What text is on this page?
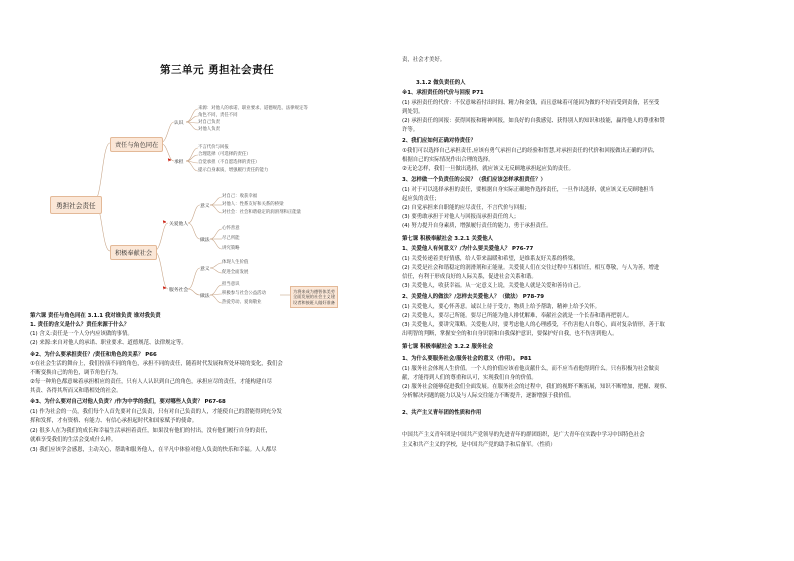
第三单元 勇担社会责任
勇担社会责任
责任与角色同在
积极奉献社会
认识
来源：对他人的承诺、职业要求、道德规范、法律规定等
角色不同，责任不同
对自己负责
对他人负责
⚑ 承担
不言代价与回报
合理选择（可选择的责任）
自觉承担（不自愿选择的责任）
提示自身素质，增强履行责任的能力
⚑ 关爱他人
意义
对自己：收获幸福
对他人：性系友好和关系的桥梁
对社会：社会和谐稳定的润滑剂和正能量
做法
心怀善意
尽己所能
讲究策略
⚑ 服务社会
意义
体现人生价值
促进全面发展
做法
担当意识
积极参与社会公益活动
热爱劳动、爱岗敬业
为将来成为德智体美劳全面发展的社会主义建设者和接班人做好准备
第六课 责任与角色同在 3.1.1 我对谁负责 谁对我负责
1. 责任的含义是什么？责任来源于什么？
(1) 含义:责任是一个人分内应该做的事情。
(2) 来源:来自对他人的承诺、职业要求、道德规范、法律规定等。
※2、为什么要承担责任？/责任和角色的关系？ P66
①在社会生活的舞台上，我们扮演不同的角色，承担不同的责任，随着时代发展和所处环境的变化，我们会
不断变换自己的角色，调节角色行为。
②每一种角色都意味着承担相应的责任，只有人人认识到自己的角色，承担应尽的责任，才能构建自尽
其责、各得其所而又和谐相处的社会。
※3、为什么要对自己对他人负责？/作为中学的我们，要对哪些人负责？ P67-68
(1) 作为社会的一员，我们每个人首先要对自己负责，只有对自己负责的人，才能使自己的潜能得到充分发
挥和发挥，才有资格、有能力、有信心承担起时代和国家赋予的使命。
(2) 很多人在为我们的成长和幸福生活承担着责任，如果没有他们的付出，没有他们履行自身的责任，
就难享受我们的生活会变成什么样。
(3) 我们应该学会感恩，主动关心，帮助和服务他人，在平凡中体验对他人负责的快乐和幸福。人人都尽
责，社会才美好。
3.1.2 做负责任的人
※1、承担责任的代价与回报 P71
(1) 承担责任的代价：不仅意味着付出时间、精力和金钱，而且意味着可能因为做的不好而受到责备，甚至受
到处罚。
(2) 承担责任的回报：获得回报和精神回报，如良好的自我感觉、获得别人的知识和技能，赢得他人的尊重和赞
许等。
2、我们应如何正确对待责任？
①我们可以选择自己承担责任,应该有勇气承担自己的经验和智慧,对承担责任的代价和回报做出正确的评估,
根据自己的实际情况作出合理的选择。
②无论怎样，我们一旦做出选择，就应该义无反顾地承担起应负的责任。
3、怎样做一个负责任的公民？（我们应该怎样承担责任？）
(1) 对于可以选择承担的责任，要根据自身实际正确地作选择责任，一旦作出选择，就应该义无反顾地担当
起应负的责任；
(2) 自觉承担来自职能的应尽责任，不言代价与回报；
(3) 要勇敢承担于对他人与回报而承担责任的人；
(4) 努力提升自身素质，增强履行责任的能力，勇于承担责任。
第七课 积极奉献社会 3.2.1 关爱他人
1、关爱他人有何意义？/为什么要关爱他人？ P76-77
(1) 关爱传递着美好情感，给人带来温暖和希望，是维系友好关系的桥梁。
(2) 关爱是社会和谐稳定的润滑剂和正能量。关爱使人们在交往过程中互相信任，相互尊敬，与人为善，增进
信任，有利于形成良好的人际关系，促进社会关系和谐。
(3) 关爱他人，收获幸福。从一定意义上说，关爱他人就是关爱和善待自己。
2、关爱他人的做法？/怎样去关爱他人？（做法） P78-79
(1) 关爱他人，要心怀善意。诚以上待于受方，物质上给予帮助，精神上给予关怀。
(2) 关爱他人，要尽己所能。要尽已所能为他人排忧解难，奉献社会就是一个长春和谐再把别人。
(3) 关爱他人，要讲究策略。关爱他人时，要考虑他人的心理感受，不伤害他人自尊心，面对复杂情形，善于取
出明智的判断，掌握安全的和自身识别和自我保护意识，要保护好自我，也不伤害到他人。
第七课 积极奉献社会 3.2.2 服务社会
1、为什么要服务社会/服务社会的意义（作用）。 P81
(1) 服务社会体现人生价值。一个人的价值应该看他贡献什么，而不应当看他得到什么。只有积极为社会做贡
献，才能得到人们的尊重和认可，实现我们自身的价值。
(2) 服务社会能够促进我们全面发展。在服务社会的过程中，我们的视野不断拓展，知识不断增加，把握、观察、
分析解决问题的能力以及与人际交往能力不断提升，逐渐增强于我价值。
2、共产主义青年团的性质和作用
中国共产主义青年团是中国共产党领导的先进青年的群团组织，是广大青年在实践中学习中国特色社会
主义和共产主义的学校，是中国共产党的助手和后备军。（性质）
